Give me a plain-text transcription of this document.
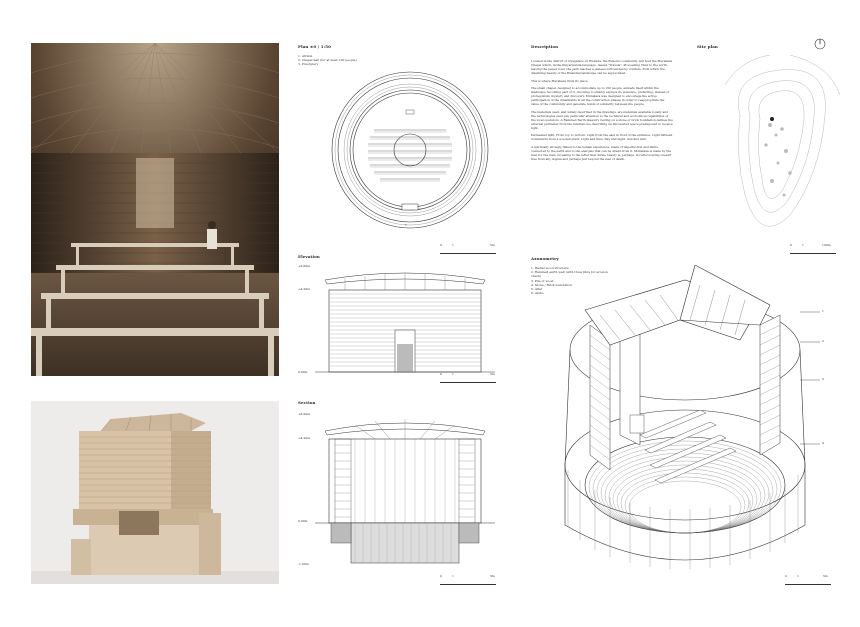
Plan ±0 / 1:50
1. Atrium
2. Chapel hall (for at least 100 people)
3. Presbytery
1
0	1	5m
Elevation
+6.00m
+4.20m
0.00m	0	1	5m
Section
+6.00m
+4.20m
0.00m
-1.00m
0	1	5m
Description

Located in the district of Nyagatare, in Rwanda, the Rukomo community will host the Murakaza Chapel which, in the Kinyarwanda language, means "Travels". Proceeding Then to the north, leaving the paved road, the path reaches a plateau surrounded by conifers, from which the disarming beauty of the Rwandan landscape can be appreciated.

This is where Murakaza finds its place.

The small chapel, designed to accommodate up to 100 people, embeds itself within the landscape becoming part of it, choosing to silently express its presence, preferring, instead of protagonism, mystery and discovery. Murakaza was designed to encourage the active participation of the inhabitants in all the construction phases in order to reappropriate the value of the community and generate bonds of solidarity between the people.

The materials used, and widely described in the drawings, are materials available locally and the technologies used pay particular attention to the technical and economical capabilities of the local operators. A Rammed Earth masonry resting on a stone or brick foundation defines the external perimeter from the internal one describing an introverted space predisposed to receive light.

Permeated light. From top to bottom. Light from the east in front of the entrance. Light diffused downwards from a wooden stack. Light and time. Day and night. Sun and rain.

A spiritually strongly linked to the human experience, made of imperfection and limits, connected to the earth and to the energies that can be drawn from it. Murakaza is made by the men for the men, revealing to the latter that divine beauty is, perhaps, in rediscovering oneself free from any dogma and perhaps just beyond the fear of death.

Site plan
0	1	100m
Axonometry
1. Radial wood structure
2. Rammed earth wall (with truss fibre for erosion check)
3. Pile of wood
4. Stone / Brick foundation
5. Altar
6. Ambo
1
2
3
4
0	1	5m
